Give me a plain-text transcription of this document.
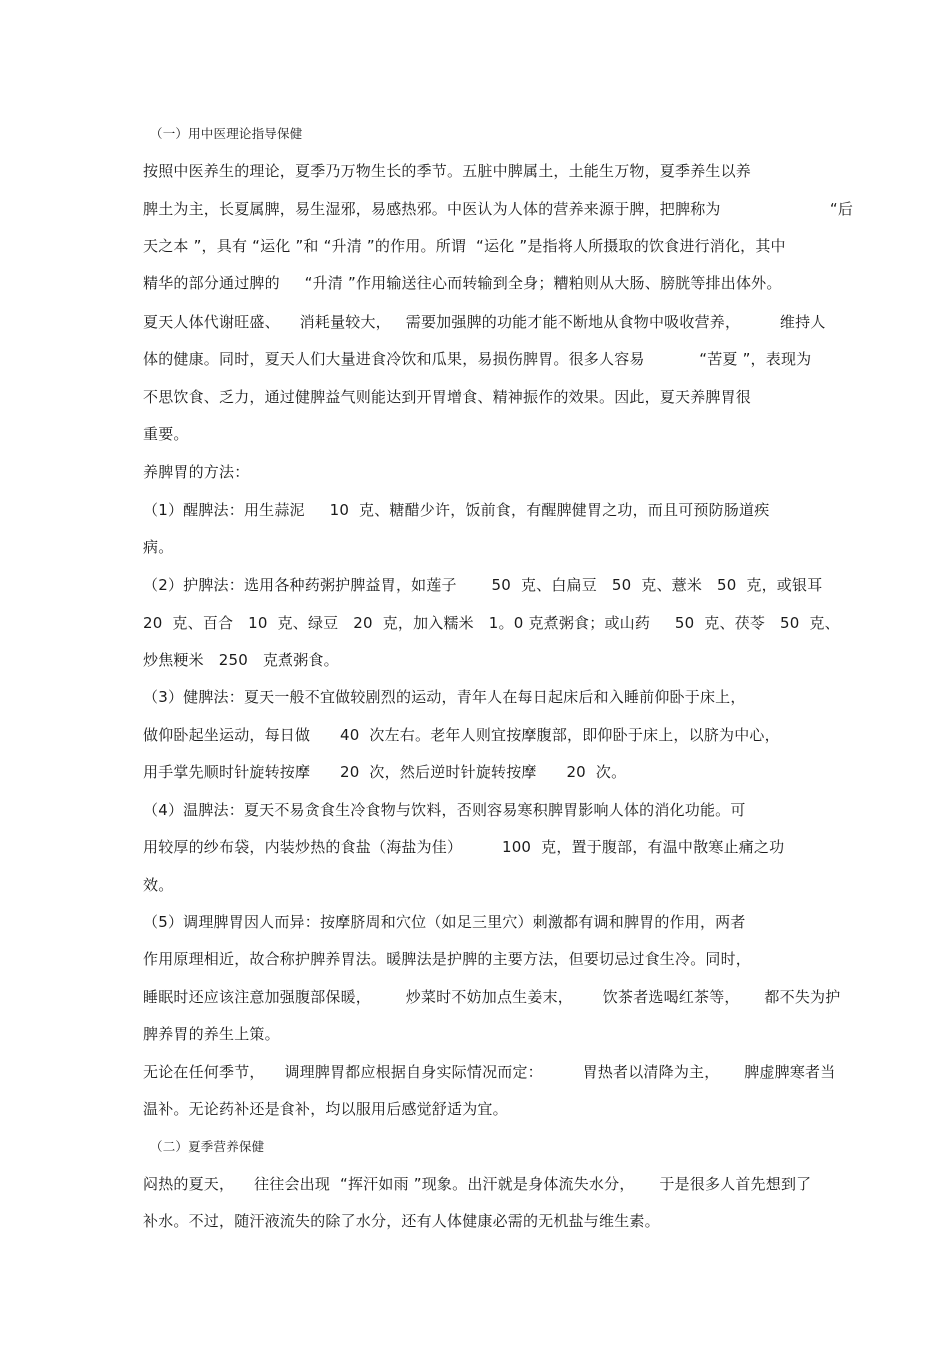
（一）用中医理论指导保健
按照中医养生的理论，夏季乃万物生长的季节。五脏中脾属土，土能生万物，夏季养生以养
脾土为主，长夏属脾，易生湿邪，易感热邪。中医认为人体的营养来源于脾，把脾称为                      “后
天之本 ”，具有 “运化 ”和 “升清 ”的作用。所谓  “运化 ”是指将人所摄取的饮食进行消化，其中
精华的部分通过脾的     “升清 ”作用输送往心而转输到全身；糟粕则从大肠、膀胱等排出体外。
夏天人体代谢旺盛、    消耗量较大，   需要加强脾的功能才能不断地从食物中吸收营养，        维持人
体的健康。同时，夏天人们大量进食冷饮和瓜果，易损伤脾胃。很多人容易           “苦夏 ”，表现为
不思饮食、乏力，通过健脾益气则能达到开胃增食、精神振作的效果。因此，夏天养脾胃很
重要。
养脾胃的方法：
（1）醒脾法：用生蒜泥     10  克、糖醋少许，饭前食，有醒脾健胃之功，而且可预防肠道疾
病。
（2）护脾法：选用各种药粥护脾益胃，如莲子       50  克、白扁豆   50  克、薏米   50  克，或银耳
20  克、百合   10  克、绿豆   20  克，加入糯米   1。0 克煮粥食；或山药     50  克、茯苓   50  克、
炒焦粳米   250   克煮粥食。
（3）健脾法：夏天一般不宜做较剧烈的运动，青年人在每日起床后和入睡前仰卧于床上，
做仰卧起坐运动，每日做      40  次左右。老年人则宜按摩腹部，即仰卧于床上，以脐为中心，
用手掌先顺时针旋转按摩      20  次，然后逆时针旋转按摩      20  次。
（4）温脾法：夏天不易贪食生冷食物与饮料，否则容易寒积脾胃影响人体的消化功能。可
用较厚的纱布袋，内装炒热的食盐（海盐为佳）        100  克，置于腹部，有温中散寒止痛之功
效。
（5）调理脾胃因人而异：按摩脐周和穴位（如足三里穴）刺激都有调和脾胃的作用，两者
作用原理相近，故合称护脾养胃法。暖脾法是护脾的主要方法，但要切忌过食生冷。同时，
睡眠时还应该注意加强腹部保暖，       炒菜时不妨加点生姜末，      饮茶者选喝红茶等，     都不失为护
脾养胃的养生上策。
无论在任何季节，    调理脾胃都应根据自身实际情况而定：        胃热者以清降为主，     脾虚脾寒者当
温补。无论药补还是食补，均以服用后感觉舒适为宜。
（二）夏季营养保健
闷热的夏天，    往往会出现  “挥汗如雨 ”现象。出汗就是身体流失水分，     于是很多人首先想到了
补水。不过，随汗液流失的除了水分，还有人体健康必需的无机盐与维生素。
